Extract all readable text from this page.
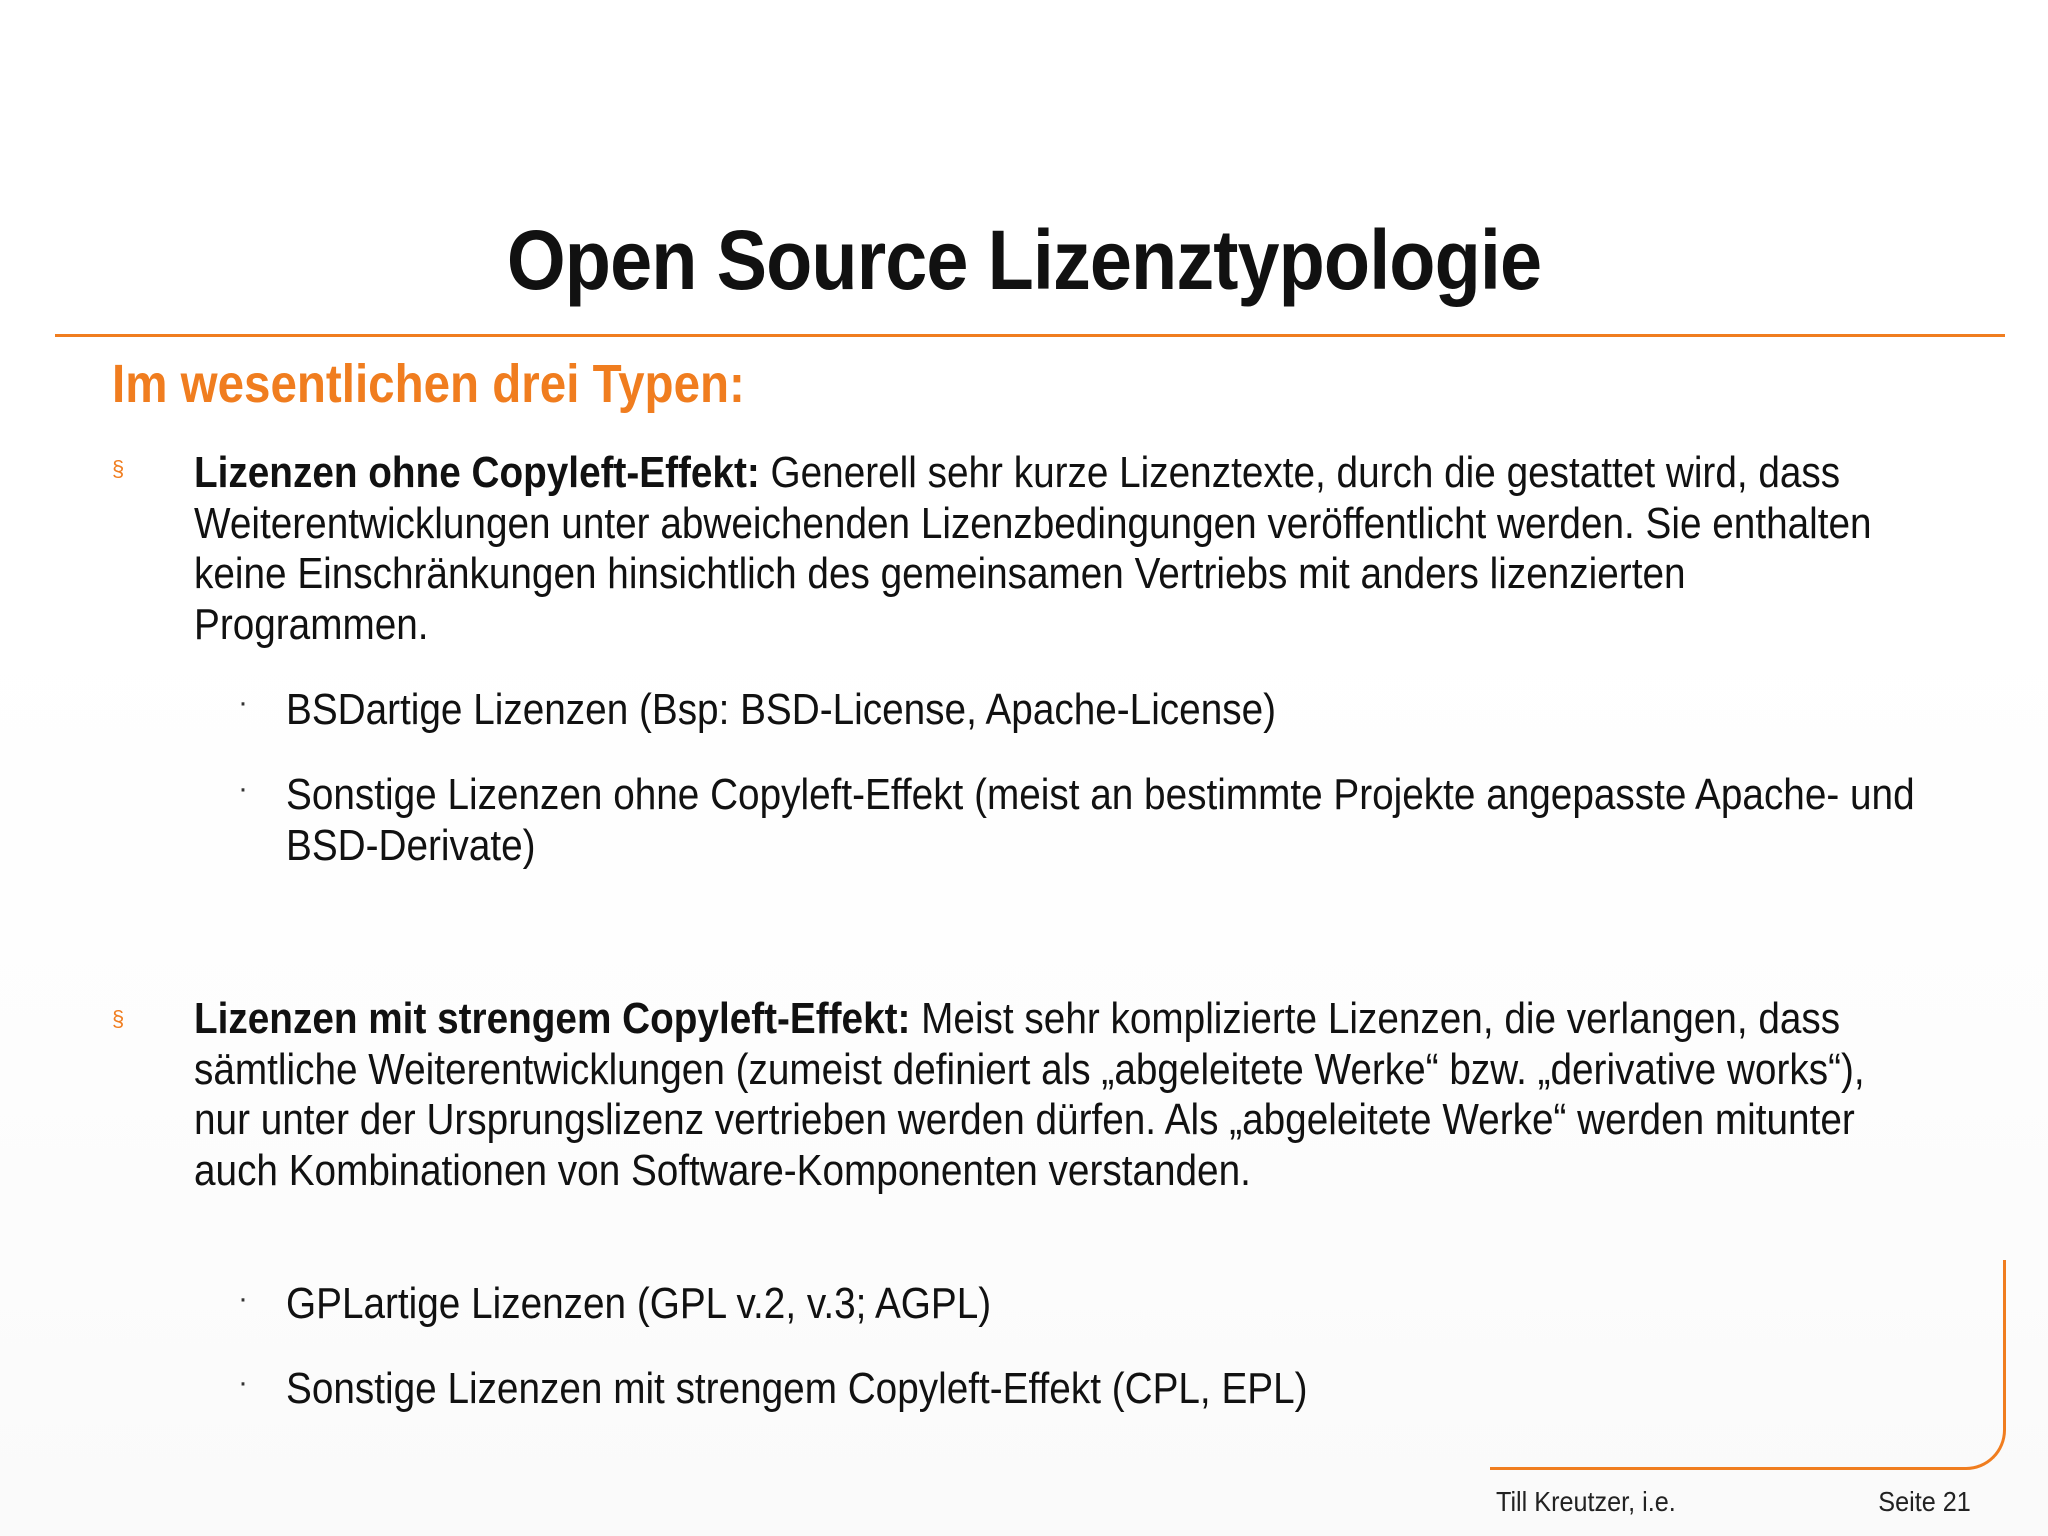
Open Source Lizenztypologie
Im wesentlichen drei Typen:
§ Lizenzen ohne Copyleft-Effekt: Generell sehr kurze Lizenztexte, durch die gestattet wird, dass Weiterentwicklungen unter abweichenden Lizenzbedingungen veröffentlicht werden. Sie enthalten keine Einschränkungen hinsichtlich des gemeinsamen Vertriebs mit anders lizenzierten Programmen.
· BSDartige Lizenzen (Bsp: BSD-License, Apache-License)
· Sonstige Lizenzen ohne Copyleft-Effekt (meist an bestimmte Projekte angepasste Apache- und BSD-Derivate)
§ Lizenzen mit strengem Copyleft-Effekt: Meist sehr komplizierte Lizenzen, die verlangen, dass sämtliche Weiterentwicklungen (zumeist definiert als „abgeleitete Werke“ bzw. „derivative works“), nur unter der Ursprungslizenz vertrieben werden dürfen. Als „abgeleitete Werke“ werden mitunter auch Kombinationen von Software-Komponenten verstanden.
· GPLartige Lizenzen (GPL v.2, v.3; AGPL)
· Sonstige Lizenzen mit strengem Copyleft-Effekt (CPL, EPL)
Till Kreutzer, i.e.	Seite 21
